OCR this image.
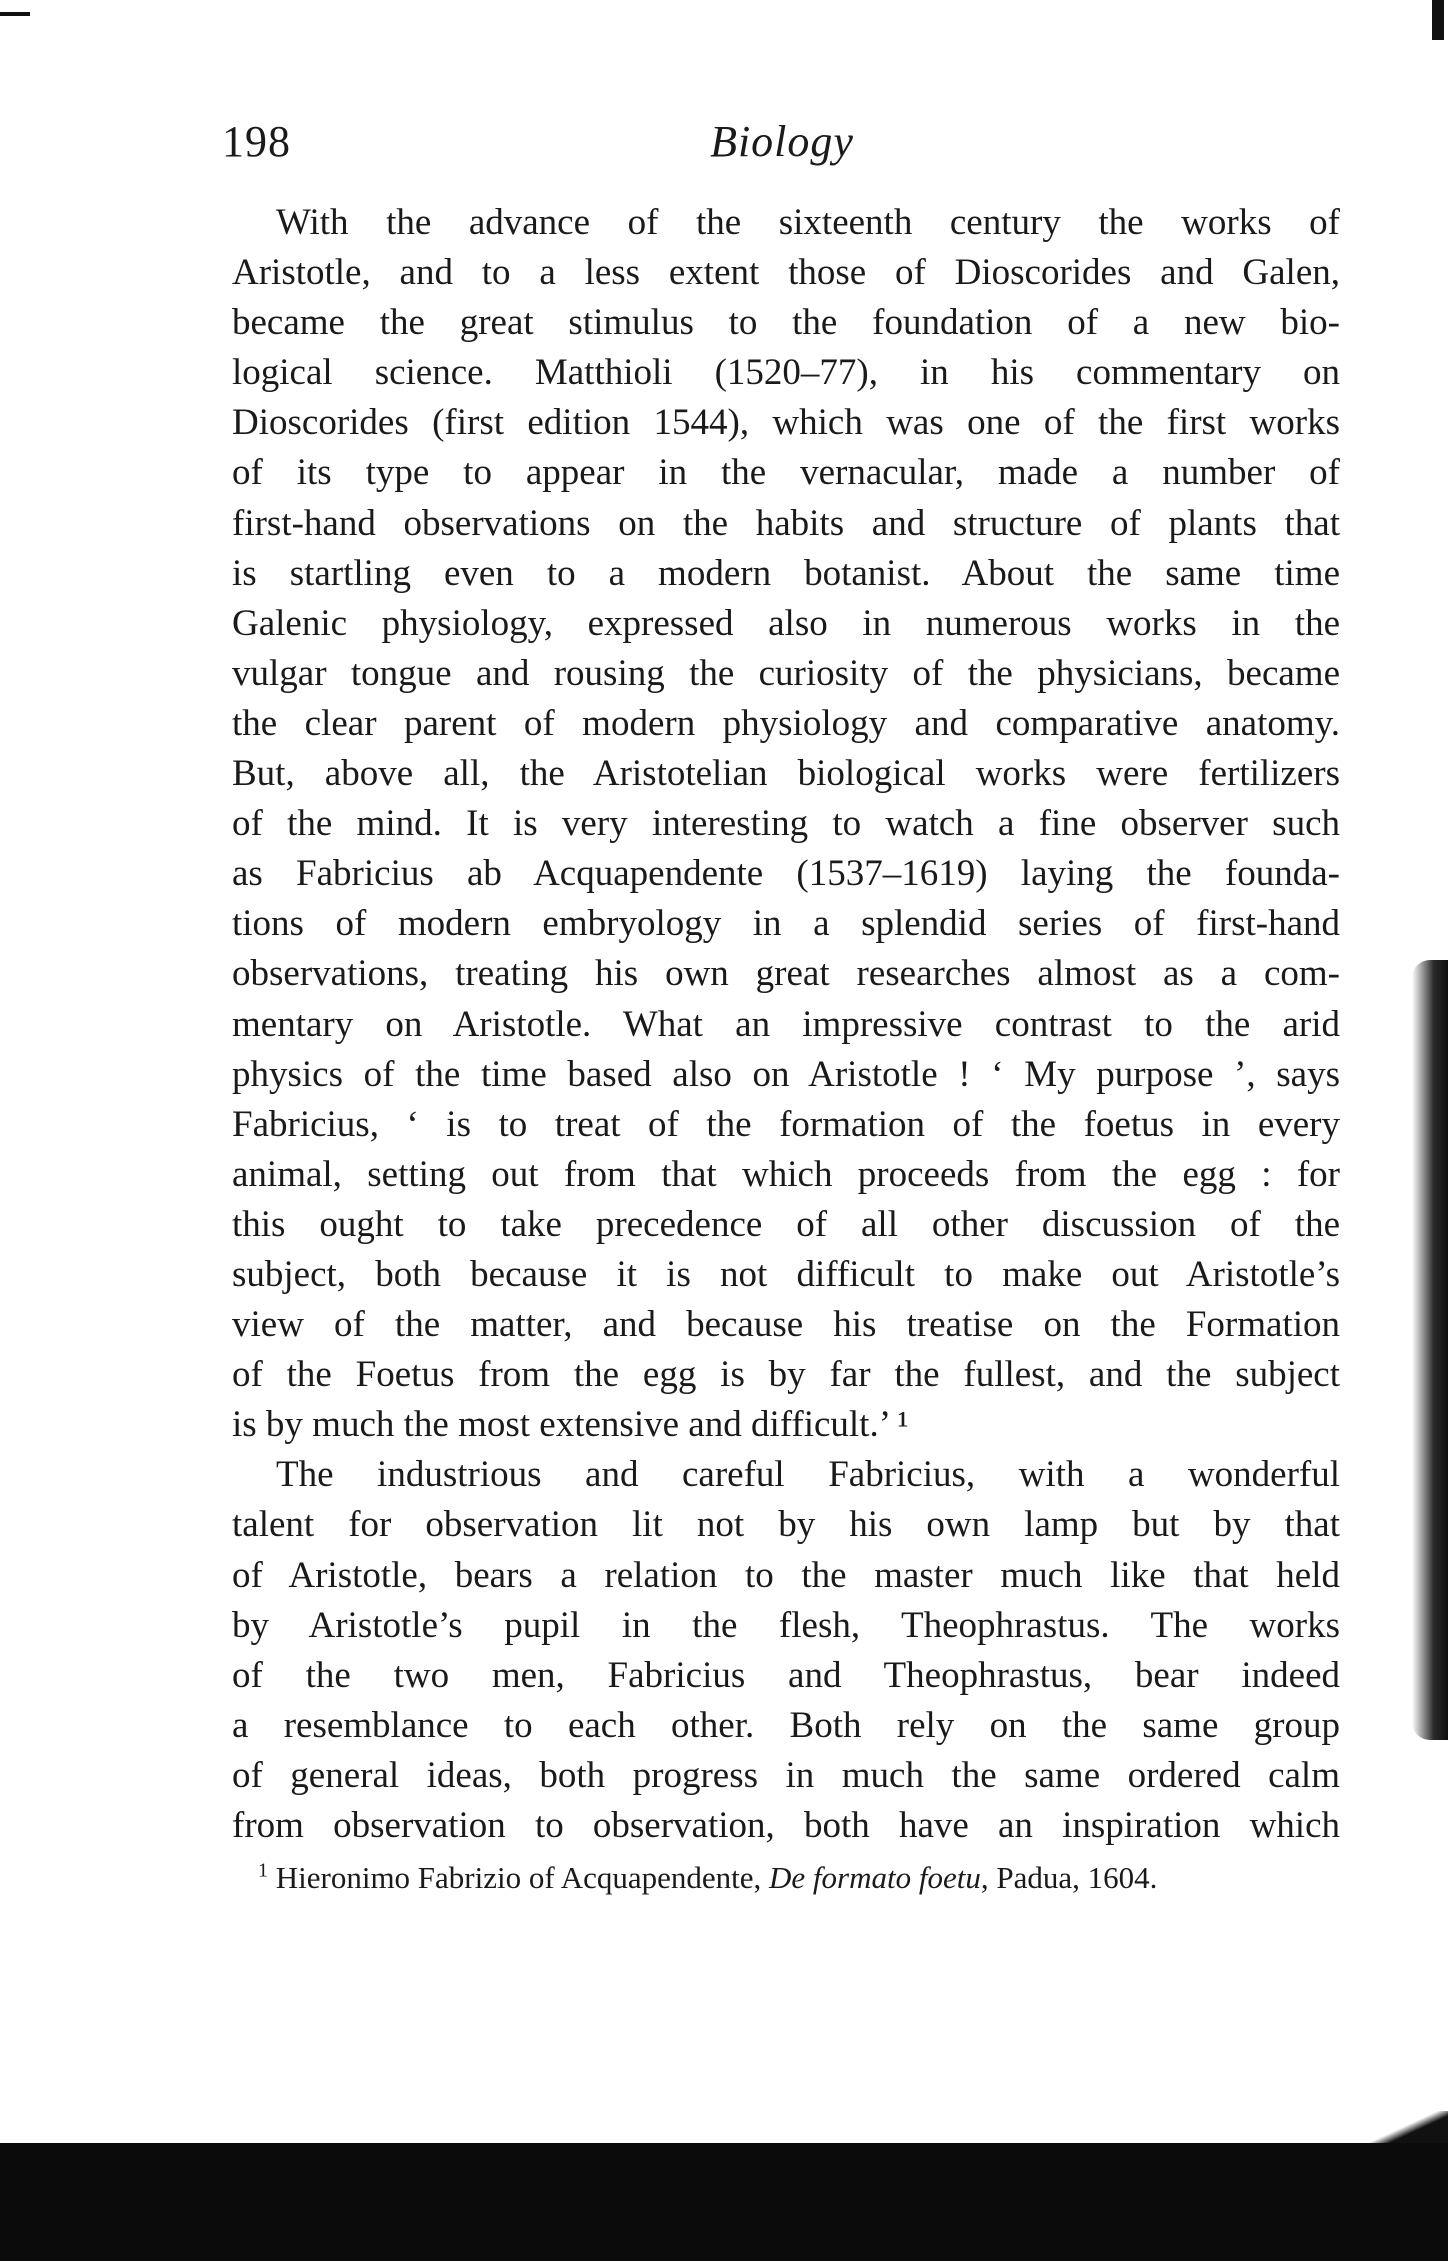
198	Biology
With the advance of the sixteenth century the works of
Aristotle, and to a less extent those of Dioscorides and Galen,
became the great stimulus to the foundation of a new bio-
logical science. Matthioli (1520–77), in his commentary on
Dioscorides (first edition 1544), which was one of the first works
of its type to appear in the vernacular, made a number of
first-hand observations on the habits and structure of plants that
is startling even to a modern botanist. About the same time
Galenic physiology, expressed also in numerous works in the
vulgar tongue and rousing the curiosity of the physicians, became
the clear parent of modern physiology and comparative anatomy.
But, above all, the Aristotelian biological works were fertilizers
of the mind. It is very interesting to watch a fine observer such
as Fabricius ab Acquapendente (1537–1619) laying the founda-
tions of modern embryology in a splendid series of first-hand
observations, treating his own great researches almost as a com-
mentary on Aristotle. What an impressive contrast to the arid
physics of the time based also on Aristotle ! ‘ My purpose ’, says
Fabricius, ‘ is to treat of the formation of the foetus in every
animal, setting out from that which proceeds from the egg : for
this ought to take precedence of all other discussion of the
subject, both because it is not difficult to make out Aristotle’s
view of the matter, and because his treatise on the Formation
of the Foetus from the egg is by far the fullest, and the subject
is by much the most extensive and difficult.’ ¹
The industrious and careful Fabricius, with a wonderful
talent for observation lit not by his own lamp but by that
of Aristotle, bears a relation to the master much like that held
by Aristotle’s pupil in the flesh, Theophrastus. The works
of the two men, Fabricius and Theophrastus, bear indeed
a resemblance to each other. Both rely on the same group
of general ideas, both progress in much the same ordered calm
from observation to observation, both have an inspiration which
$^1$ Hieronimo Fabrizio of Acquapendente, De formato foetu, Padua, 1604.
